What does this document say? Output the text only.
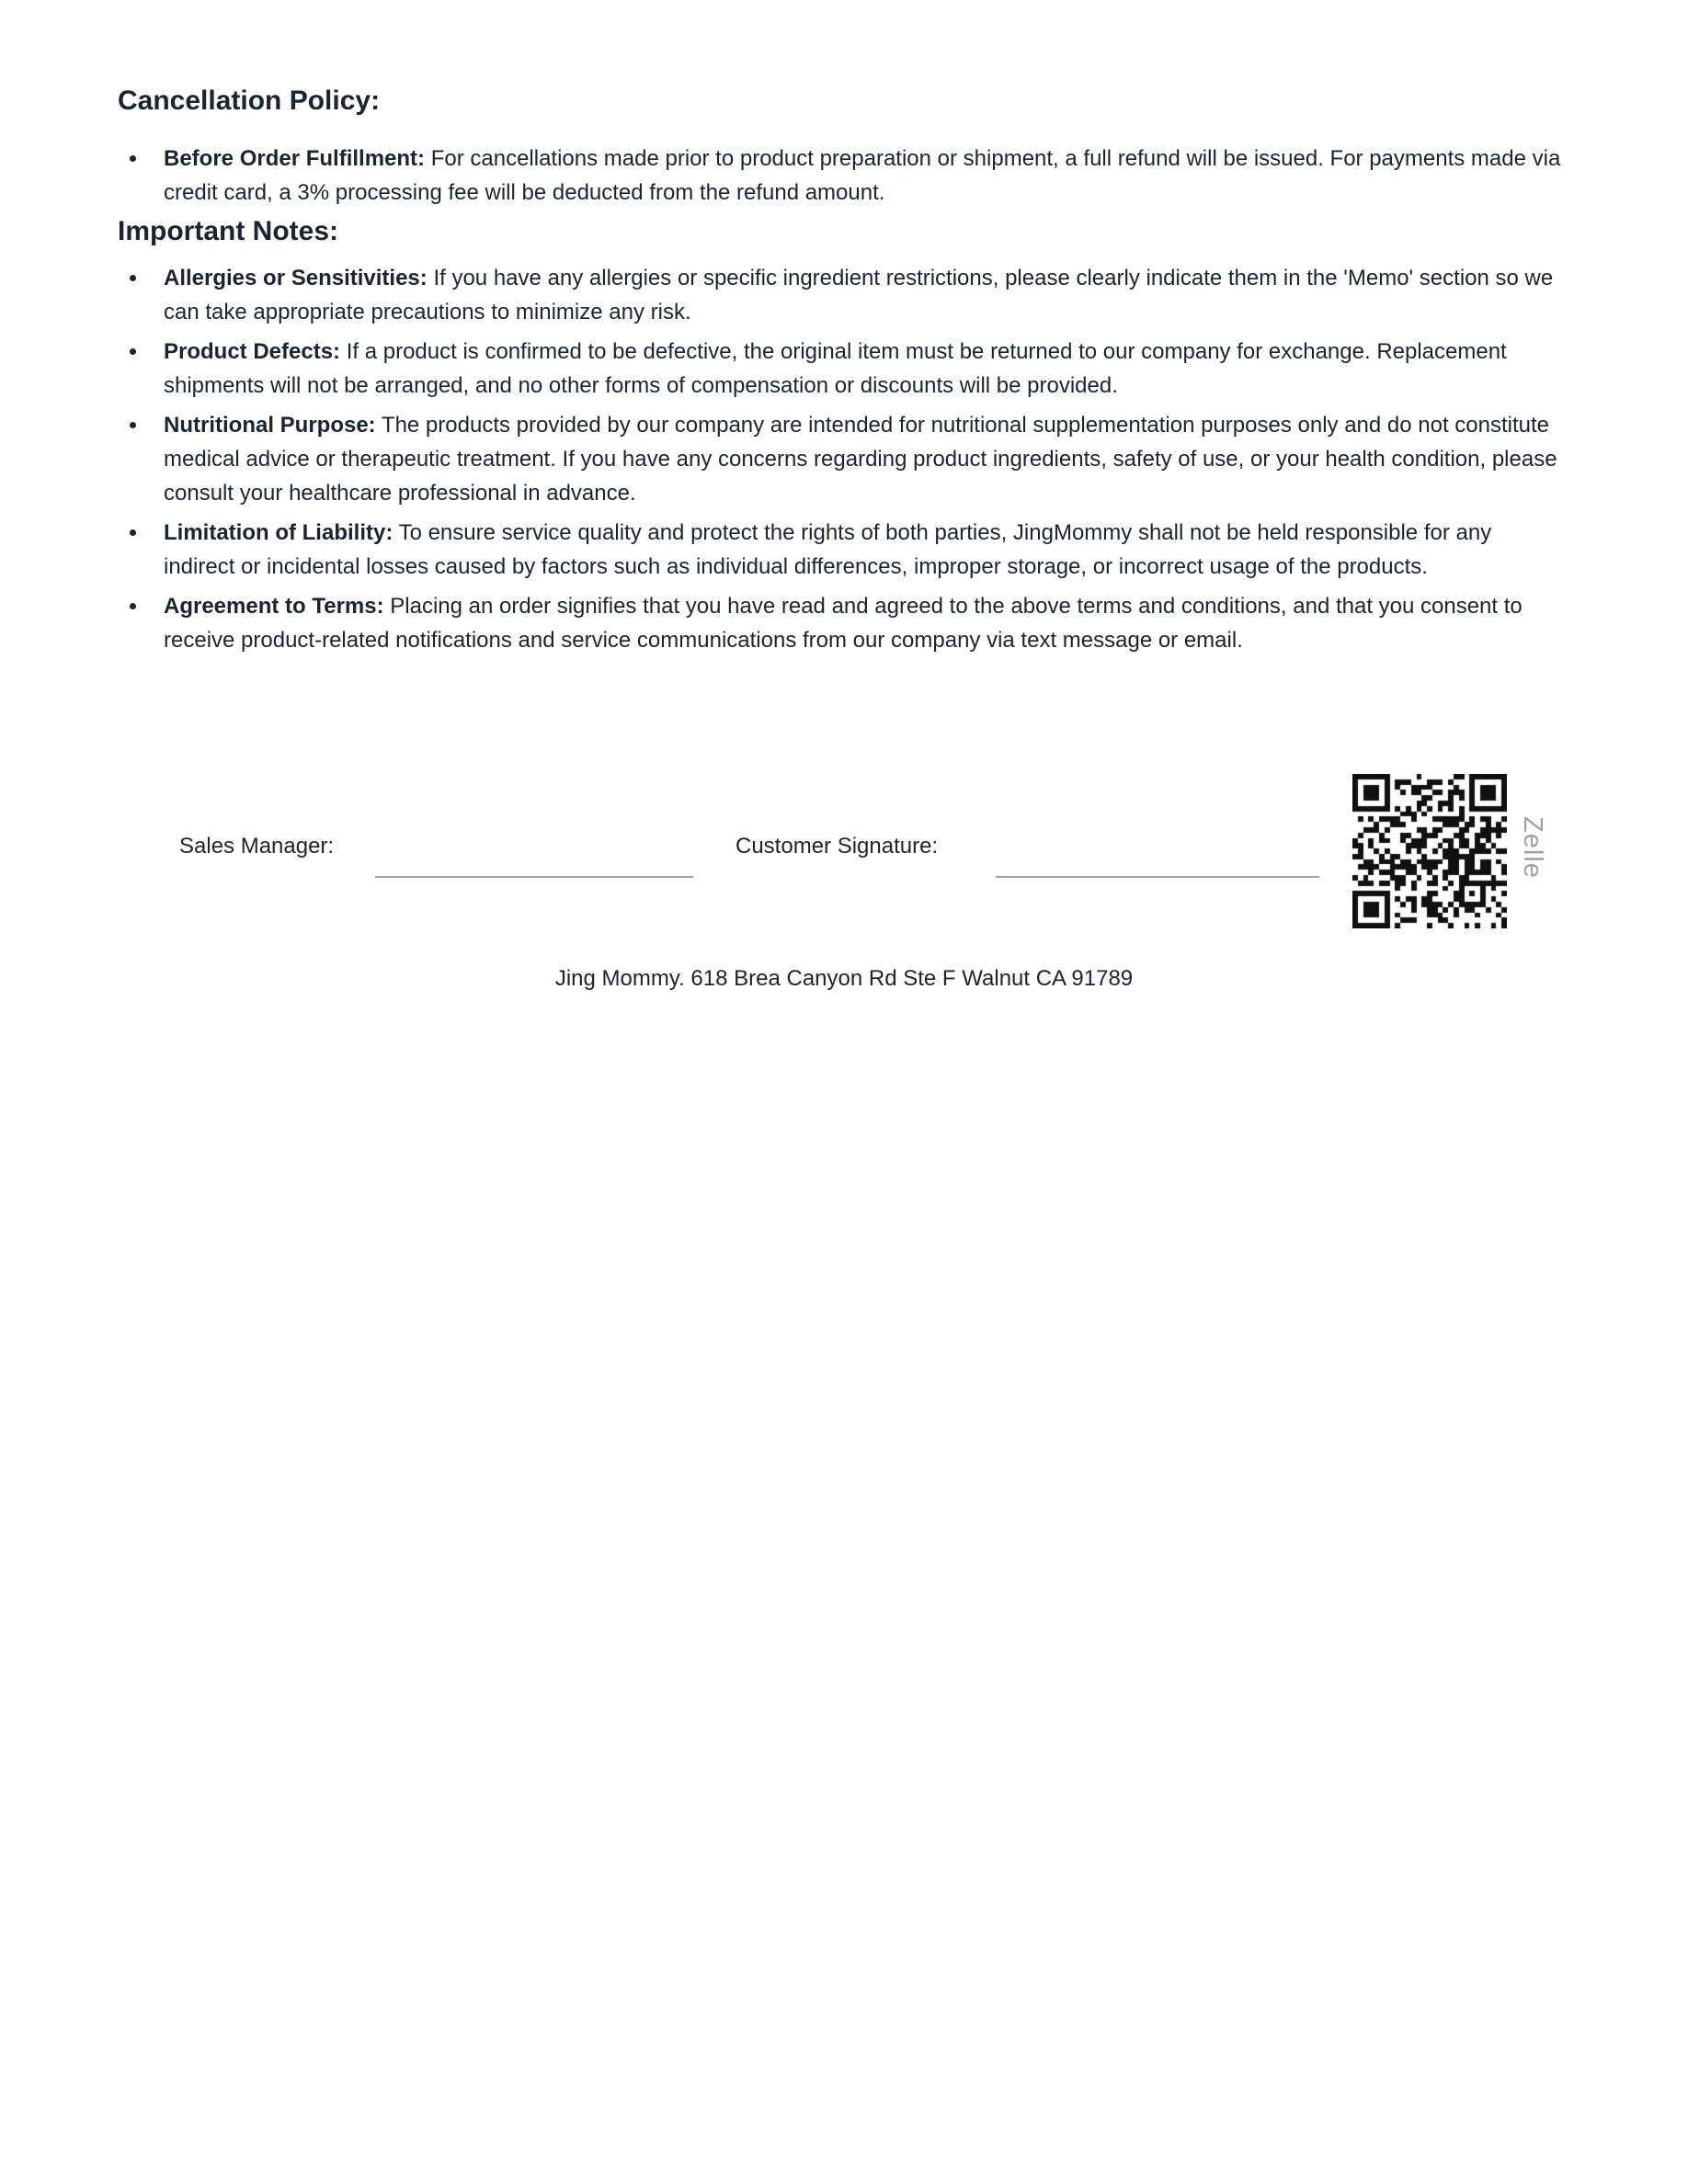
Cancellation Policy:
Before Order Fulfillment: For cancellations made prior to product preparation or shipment, a full refund will be issued. For payments made via credit card, a 3% processing fee will be deducted from the refund amount.
Important Notes:
Allergies or Sensitivities: If you have any allergies or specific ingredient restrictions, please clearly indicate them in the 'Memo' section so we can take appropriate precautions to minimize any risk.
Product Defects: If a product is confirmed to be defective, the original item must be returned to our company for exchange. Replacement shipments will not be arranged, and no other forms of compensation or discounts will be provided.
Nutritional Purpose: The products provided by our company are intended for nutritional supplementation purposes only and do not constitute medical advice or therapeutic treatment. If you have any concerns regarding product ingredients, safety of use, or your health condition, please consult your healthcare professional in advance.
Limitation of Liability: To ensure service quality and protect the rights of both parties, JingMommy shall not be held responsible for any indirect or incidental losses caused by factors such as individual differences, improper storage, or incorrect usage of the products.
Agreement to Terms: Placing an order signifies that you have read and agreed to the above terms and conditions, and that you consent to receive product-related notifications and service communications from our company via text message or email.
Sales Manager:	Customer Signature:	Zelle
Jing Mommy. 618 Brea Canyon Rd Ste F Walnut CA 91789
